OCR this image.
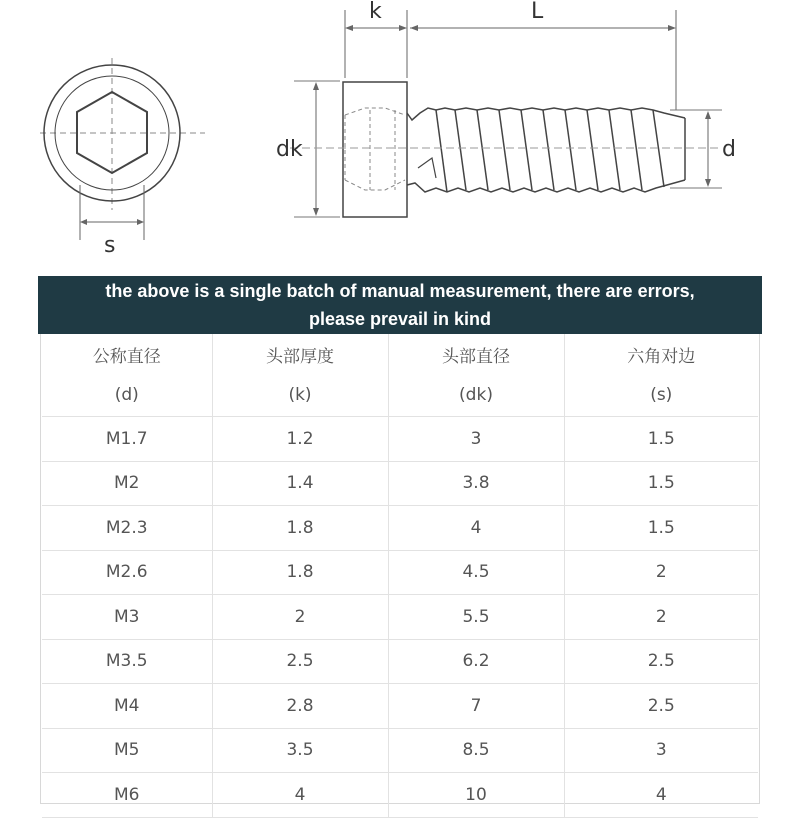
s
k	L
dk	d
the above is a single batch of manual measurement, there are errors,
please prevail in kind
公称直径	头部厚度	头部直径	六角对边
(d)	(k)	(dk)	(s)
M1.7	1.2	3	1.5
M2	1.4	3.8	1.5
M2.3	1.8	4	1.5
M2.6	1.8	4.5	2
M3	2	5.5	2
M3.5	2.5	6.2	2.5
M4	2.8	7	2.5
M5	3.5	8.5	3
M6	4	10	4
